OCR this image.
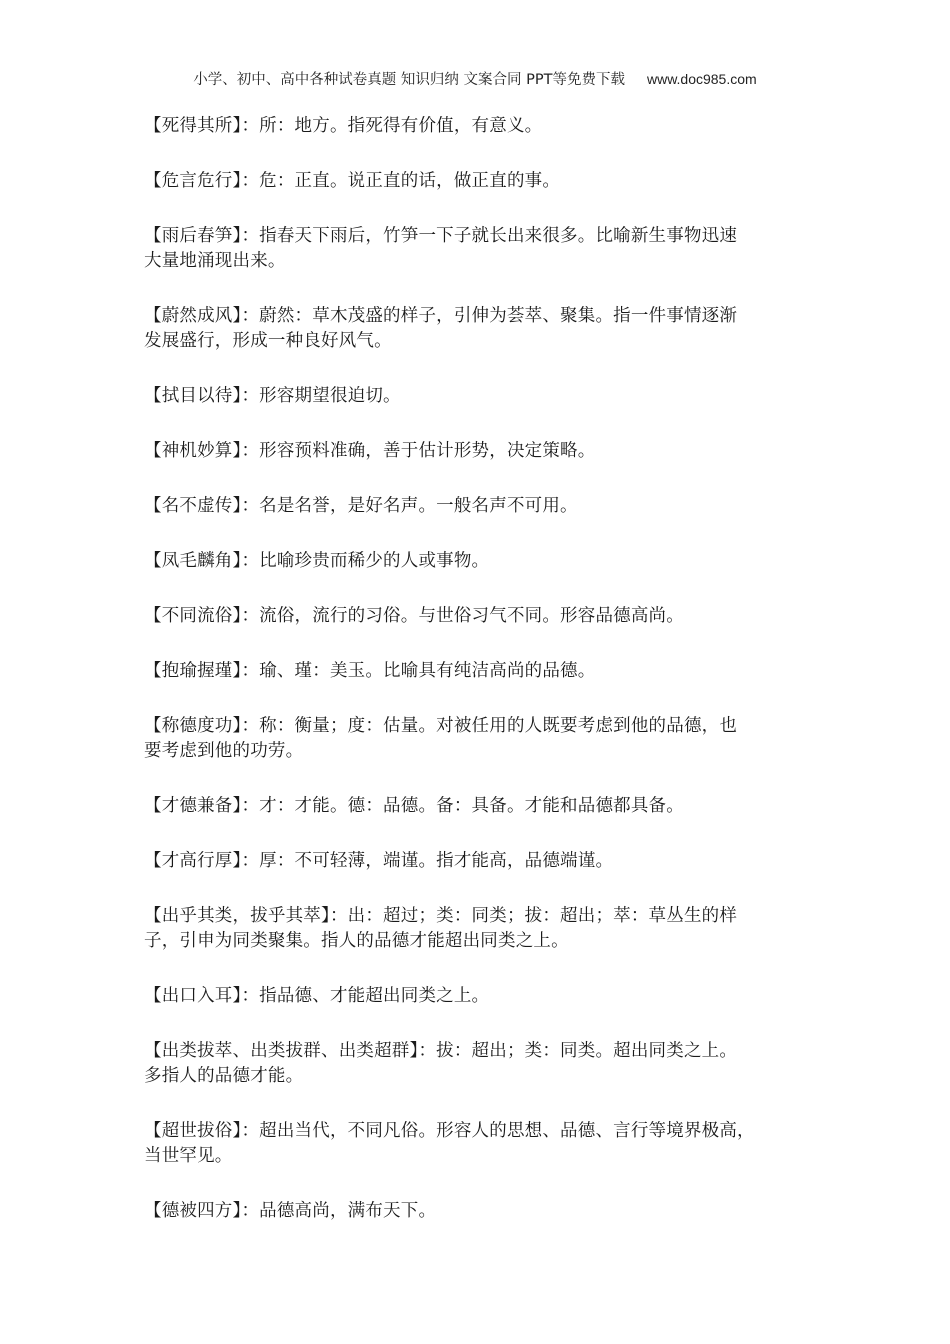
小学、初中、高中各种试卷真题 知识归纳 文案合同 PPT等免费下载 www.doc985.com
【死得其所】：所：地方。指死得有价值，有意义。
【危言危行】：危：正直。说正直的话，做正直的事。
【雨后春笋】：指春天下雨后，竹笋一下子就长出来很多。比喻新生事物迅速
大量地涌现出来。
【蔚然成风】：蔚然：草木茂盛的样子，引伸为荟萃、聚集。指一件事情逐渐
发展盛行，形成一种良好风气。
【拭目以待】：形容期望很迫切。
【神机妙算】：形容预料准确，善于估计形势，决定策略。
【名不虚传】：名是名誉，是好名声。一般名声不可用。
【凤毛麟角】：比喻珍贵而稀少的人或事物。
【不同流俗】：流俗，流行的习俗。与世俗习气不同。形容品德高尚。
【抱瑜握瑾】：瑜、瑾：美玉。比喻具有纯洁高尚的品德。
【称德度功】：称：衡量；度：估量。对被任用的人既要考虑到他的品德，也
要考虑到他的功劳。
【才德兼备】：才：才能。德：品德。备：具备。才能和品德都具备。
【才高行厚】：厚：不可轻薄，端谨。指才能高，品德端谨。
【出乎其类，拔乎其萃】：出：超过；类：同类；拔：超出；萃：草丛生的样
子，引申为同类聚集。指人的品德才能超出同类之上。
【出口入耳】：指品德、才能超出同类之上。
【出类拔萃、出类拔群、出类超群】：拔：超出；类：同类。超出同类之上。
多指人的品德才能。
【超世拔俗】：超出当代，不同凡俗。形容人的思想、品德、言行等境界极高，
当世罕见。
【德被四方】：品德高尚，满布天下。
